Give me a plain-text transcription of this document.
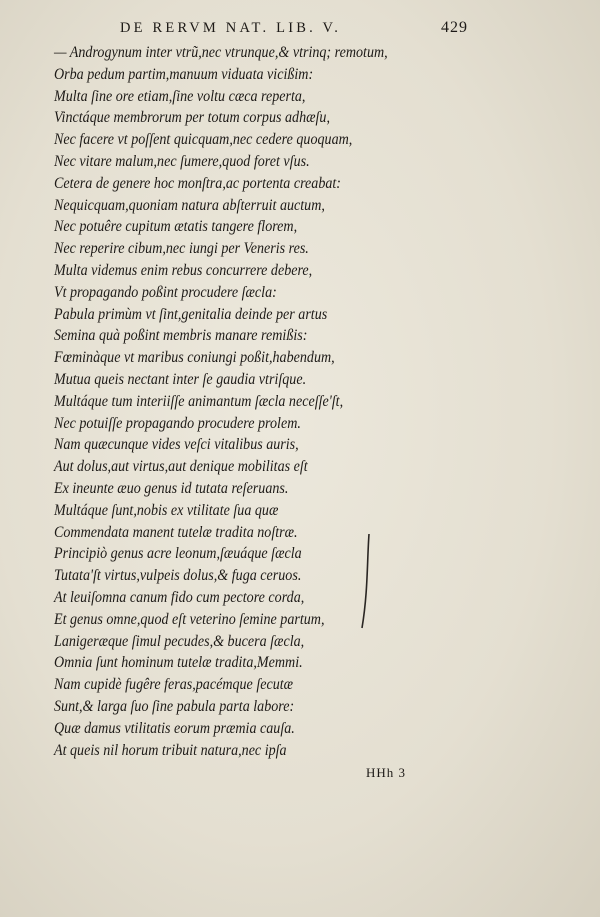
DE RERVM NAT. LIB. V.	429
— Androgynum inter vtrũ,nec vtrunque,& vtrinq; remotum,
Orba pedum partim,manuum viduata vicißim:
Multa ſine ore etiam,ſine voltu cæca reperta,
Vinctáque membrorum per totum corpus adhæſu,
Nec facere vt poſſent quicquam,nec cedere quoquam,
Nec vitare malum,nec ſumere,quod foret vſus.
Cetera de genere hoc monſtra,ac portenta creabat:
Nequicquam,quoniam natura abſterruit auctum,
Nec potuêre cupitum ætatis tangere florem,
Nec reperire cibum,nec iungi per Veneris res.
Multa videmus enim rebus concurrere debere,
Vt propagando poßint procudere ſæcla:
Pabula primùm vt ſint,genitalia deinde per artus
Semina quà poßint membris manare remißis:
Fœminàque vt maribus coniungi poßit,habendum,
Mutua queis nectant inter ſe gaudia vtriſque.
Multáque tum interiiſſe animantum ſæcla neceſſe'ſt,
Nec potuiſſe propagando procudere prolem.
Nam quæcunque vides veſci vitalibus auris,
Aut dolus,aut virtus,aut denique mobilitas eſt
Ex ineunte æuo genus id tutata reſeruans.
Multáque ſunt,nobis ex vtilitate ſua quæ
Commendata manent tutelæ tradita noſtræ.
Principiò genus acre leonum,ſæuáque ſæcla
Tutata'ſt virtus,vulpeis dolus,& fuga ceruos.
At leuiſomna canum fido cum pectore corda,
Et genus omne,quod eſt veterino ſemine partum,
Lanigeræque ſimul pecudes,& bucera ſæcla,
Omnia ſunt hominum tutelæ tradita,Memmi.
Nam cupidè fugêre feras,pacémque ſecutæ
Sunt,& larga ſuo ſine pabula parta labore:
Quæ damus vtilitatis eorum præmia cauſa.
At queis nil horum tribuit natura,nec ipſa
HHh 3
